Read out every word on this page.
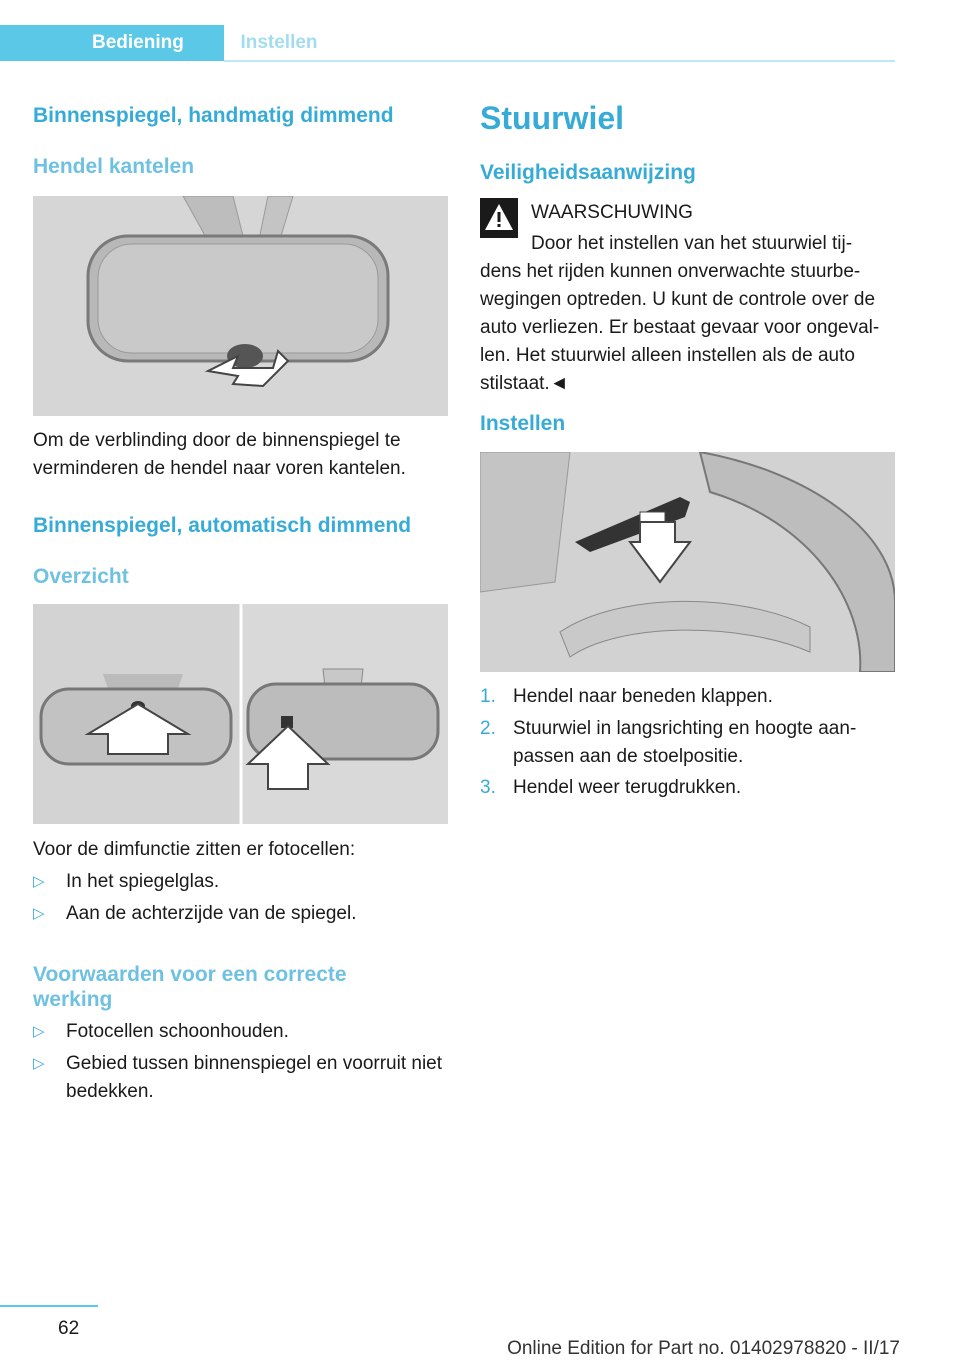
Bediening	Instellen
Binnenspiegel, handmatig dimmend
Hendel kantelen

Om de verblinding door de binnenspiegel te verminderen de hendel naar voren kantelen.

Binnenspiegel, automatisch dimmend
Overzicht

Voor de dimfunctie zitten er fotocellen:

▷	In het spiegelglas.
▷	Aan de achterzijde van de spiegel.
Voorwaarden voor een correcte werking
▷	Fotocellen schoonhouden.
▷	Gebied tussen binnenspiegel en voorruit niet bedekken.
Stuurwiel
Veiligheidsaanwijzing
WAARSCHUWING
Door het instellen van het stuurwiel tij-

dens het rijden kunnen onverwachte stuurbe-wegingen optreden. U kunt de controle over de auto verliezen. Er bestaat gevaar voor ongeval-len. Het stuurwiel alleen instellen als de auto stilstaat.◄

Instellen
1. Hendel naar beneden klappen.
2. Stuurwiel in langsrichting en hoogte aan-passen aan de stoelpositie.
3. Hendel weer terugdrukken.
62
Online Edition for Part no. 01402978820 - II/17
